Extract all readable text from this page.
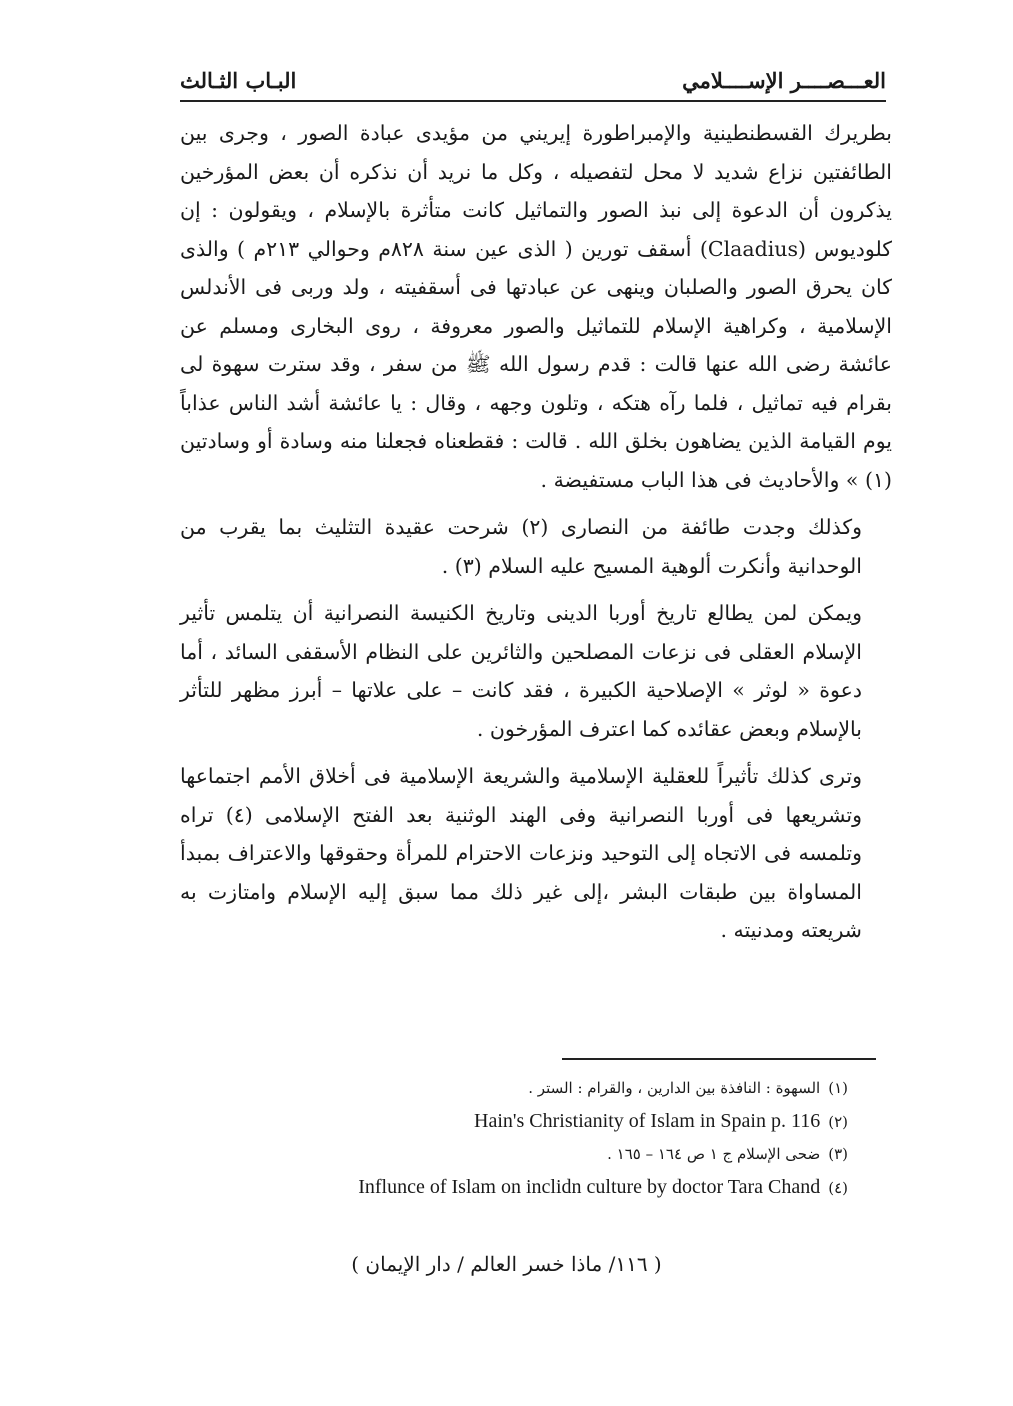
العـــصــــر الإســــلامي
البـاب الثـالث

بطريرك القسطنطينية والإمبراطورة إيريني من مؤيدى عبادة الصور ، وجرى بين الطائفتين نزاع شديد لا محل لتفصيله ، وكل ما نريد أن نذكره أن بعض المؤرخين يذكرون أن الدعوة إلى نبذ الصور والتماثيل كانت متأثرة بالإسلام ، ويقولون : إن كلوديوس (Claadius) أسقف تورين ( الذى عين سنة ٨٢٨م وحوالي ٢١٣م ) والذى كان يحرق الصور والصلبان وينهى عن عبادتها فى أسقفيته ، ولد وربى فى الأندلس الإسلامية ، وكراهية الإسلام للتماثيل والصور معروفة ، روى البخارى ومسلم عن عائشة رضى الله عنها قالت : قدم رسول الله ﷺ من سفر ، وقد سترت سهوة لى بقرام فيه تماثيل ، فلما رآه هتكه ، وتلون وجهه ، وقال : يا عائشة أشد الناس عذاباً يوم القيامة الذين يضاهون بخلق الله . قالت : فقطعناه فجعلنا منه وسادة أو وسادتين (١) » والأحاديث فى هذا الباب مستفيضة .

وكذلك وجدت طائفة من النصارى (٢) شرحت عقيدة التثليث بما يقرب من الوحدانية وأنكرت ألوهية المسيح عليه السلام (٣) .

ويمكن لمن يطالع تاريخ أوربا الدينى وتاريخ الكنيسة النصرانية أن يتلمس تأثير الإسلام العقلى فى نزعات المصلحين والثائرين على النظام الأسقفى السائد ، أما دعوة « لوثر » الإصلاحية الكبيرة ، فقد كانت – على علاتها – أبرز مظهر للتأثر بالإسلام وبعض عقائده كما اعترف المؤرخون .

وترى كذلك تأثيراً للعقلية الإسلامية والشريعة الإسلامية فى أخلاق الأمم اجتماعها وتشريعها فى أوربا النصرانية وفى الهند الوثنية بعد الفتح الإسلامى (٤) تراه وتلمسه فى الاتجاه إلى التوحيد ونزعات الاحترام للمرأة وحقوقها والاعتراف بمبدأ المساواة بين طبقات البشر ،إلى غير ذلك مما سبق إليه الإسلام وامتازت به شريعته ومدنيته .

(١)السهوة : النافذة بين الدارين ، والقرام : الستر .
(٢)Hain's Christianity of Islam in Spain p. 116
(٣)ضحى الإسلام ج ١ ص ١٦٤ – ١٦٥ .
(٤)Influnce of Islam on inclidn culture by doctor Tara Chand
( ١١٦/ ماذا خسر العالم / دار الإيمان )
